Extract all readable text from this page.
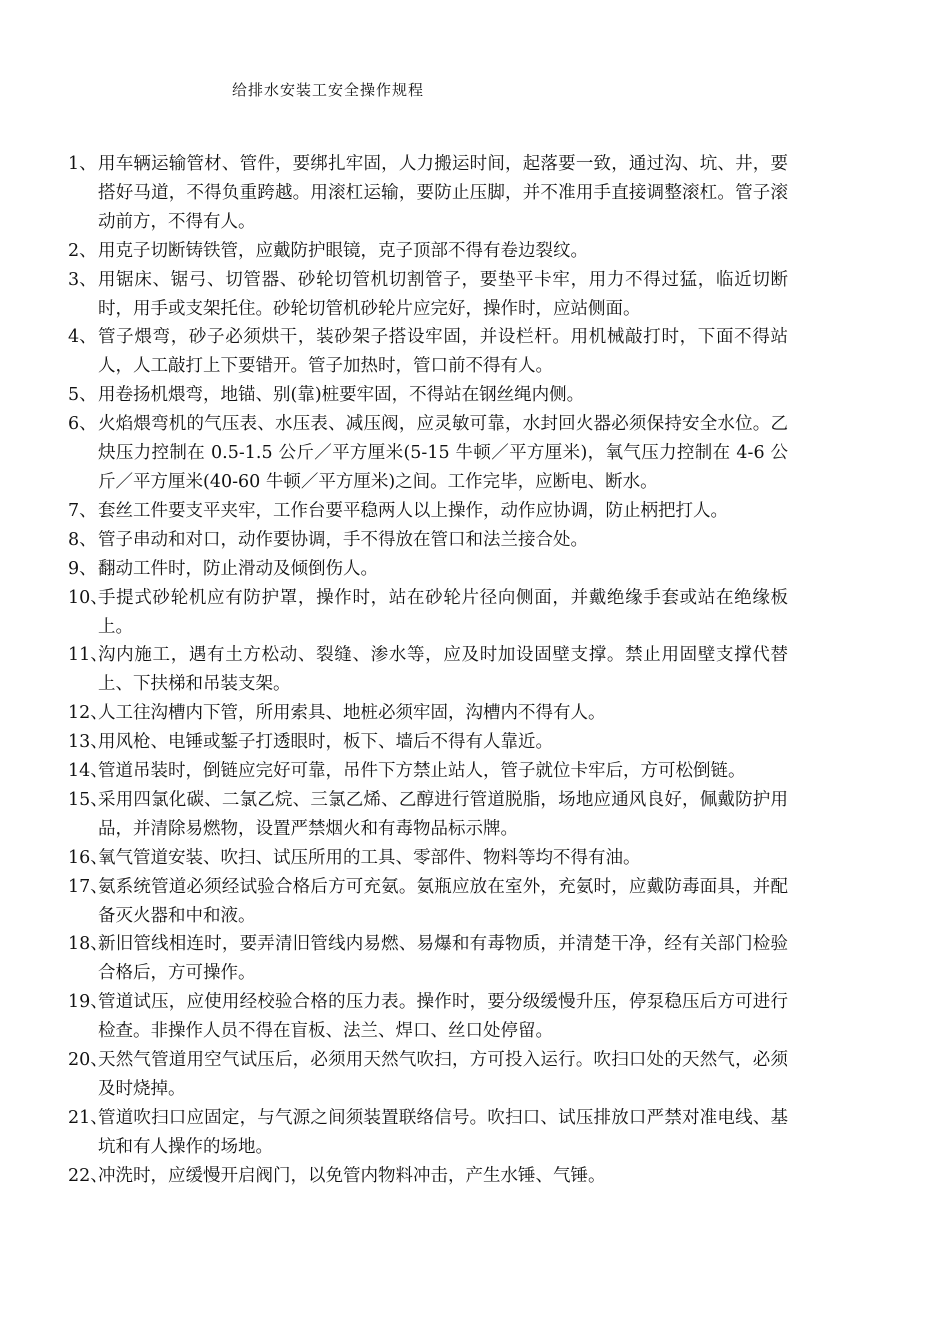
给排水安装工安全操作规程
1、 用车辆运输管材、管件，要绑扎牢固，人力搬运时间，起落要一致，通过沟、坑、井，要搭好马道，不得负重跨越。用滚杠运输，要防止压脚，并不准用手直接调整滚杠。管子滚动前方，不得有人。
2、 用克子切断铸铁管，应戴防护眼镜，克子顶部不得有卷边裂纹。
3、 用锯床、锯弓、切管器、砂轮切管机切割管子，要垫平卡牢，用力不得过猛，临近切断时，用手或支架托住。砂轮切管机砂轮片应完好，操作时，应站侧面。
4、 管子煨弯，砂子必须烘干，装砂架子搭设牢固，并设栏杆。用机械敲打时，下面不得站人，人工敲打上下要错开。管子加热时，管口前不得有人。
5、 用卷扬机煨弯，地锚、别(靠)桩要牢固，不得站在钢丝绳内侧。
6、 火焰煨弯机的气压表、水压表、减压阀，应灵敏可靠，水封回火器必须保持安全水位。乙炔压力控制在 0.5-1.5 公斤／平方厘米(5-15 牛顿／平方厘米)，氧气压力控制在 4-6 公斤／平方厘米(40-60 牛顿／平方厘米)之间。工作完毕，应断电、断水。
7、 套丝工件要支平夹牢，工作台要平稳两人以上操作，动作应协调，防止柄把打人。
8、 管子串动和对口，动作要协调，手不得放在管口和法兰接合处。
9、 翻动工件时，防止滑动及倾倒伤人。
10、
手提式砂轮机应有防护罩，操作时，站在砂轮片径向侧面，并戴绝缘手套或站在绝缘板上。
11、
沟内施工，遇有土方松动、裂缝、渗水等，应及时加设固壁支撑。禁止用固壁支撑代替上、下扶梯和吊装支架。
12、
人工往沟槽内下管，所用索具、地桩必须牢固，沟槽内不得有人。
13、
用风枪、电锤或錾子打透眼时，板下、墙后不得有人靠近。
14、
管道吊装时，倒链应完好可靠，吊件下方禁止站人，管子就位卡牢后，方可松倒链。
15、
采用四氯化碳、二氯乙烷、三氯乙烯、乙醇进行管道脱脂，场地应通风良好，佩戴防护用品，并清除易燃物，设置严禁烟火和有毒物品标示牌。
16、
氧气管道安装、吹扫、试压所用的工具、零部件、物料等均不得有油。
17、
氨系统管道必须经试验合格后方可充氨。氨瓶应放在室外，充氨时，应戴防毒面具，并配备灭火器和中和液。
18、
新旧管线相连时，要弄清旧管线内易燃、易爆和有毒物质，并清楚干净，经有关部门检验合格后，方可操作。
19、
管道试压，应使用经校验合格的压力表。操作时，要分级缓慢升压，停泵稳压后方可进行检查。非操作人员不得在盲板、法兰、焊口、丝口处停留。
20、
天然气管道用空气试压后，必须用天然气吹扫，方可投入运行。吹扫口处的天然气，必须及时烧掉。
21、
管道吹扫口应固定，与气源之间须装置联络信号。吹扫口、试压排放口严禁对准电线、基坑和有人操作的场地。
22、
冲洗时，应缓慢开启阀门，以免管内物料冲击，产生水锤、气锤。
